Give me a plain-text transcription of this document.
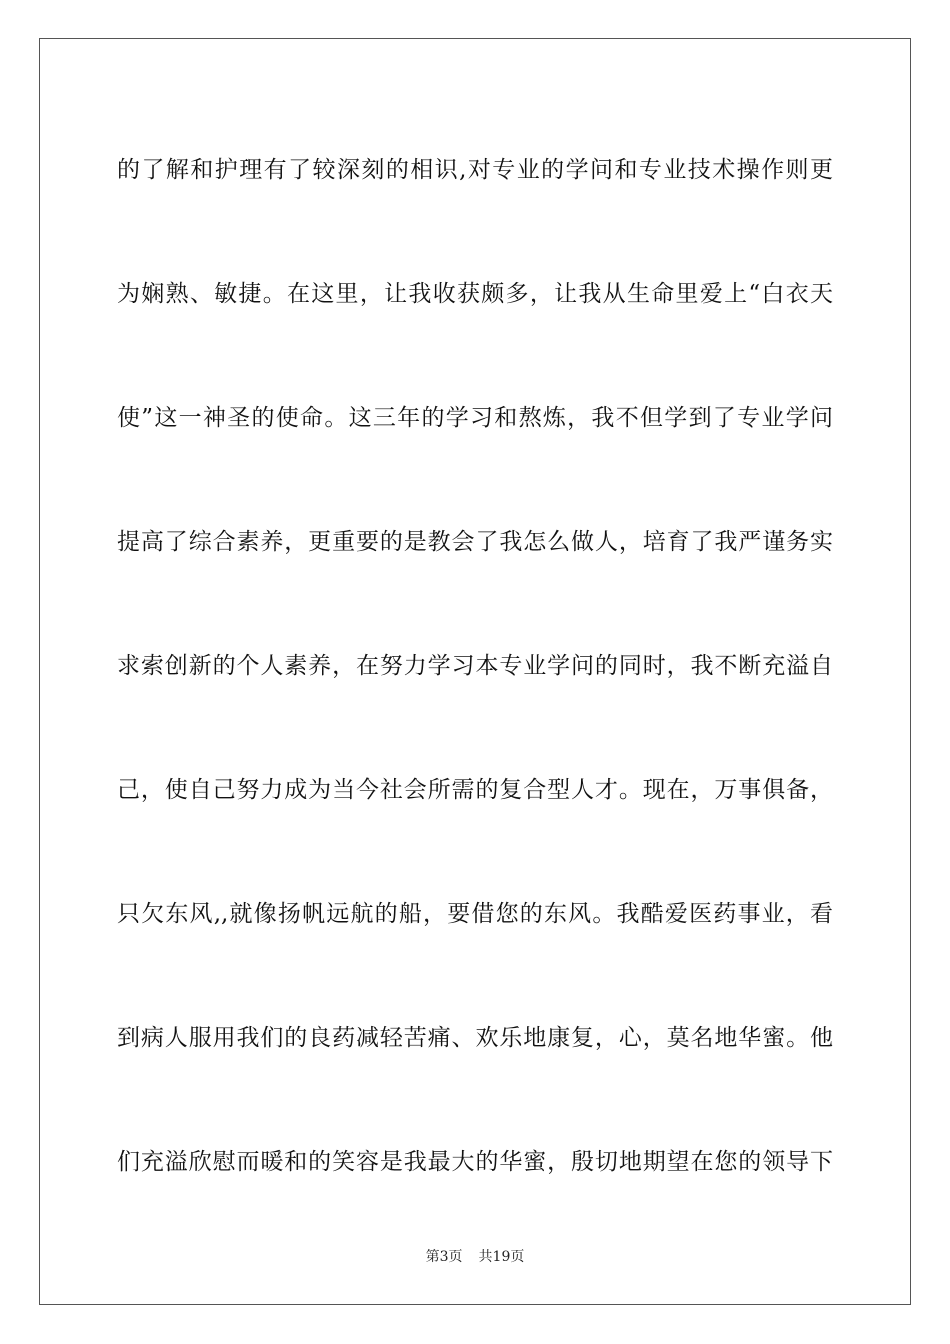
的了解和护理有了较深刻的相识,对专业的学问和专业技术操作则更

为娴熟、敏捷。在这里，让我收获颇多，让我从生命里爱上“白衣天

使”这一神圣的使命。这三年的学习和熬炼，我不但学到了专业学问

提高了综合素养，更重要的是教会了我怎么做人，培育了我严谨务实

求索创新的个人素养，在努力学习本专业学问的同时，我不断充溢自

己，使自己努力成为当今社会所需的复合型人才。现在，万事俱备，

只欠东风,,就像扬帆远航的船，要借您的东风。我酷爱医药事业，看

到病人服用我们的良药减轻苦痛、欢乐地康复，心，莫名地华蜜。他

们充溢欣慰而暖和的笑容是我最大的华蜜，殷切地期望在您的领导下

第3页 共19页
